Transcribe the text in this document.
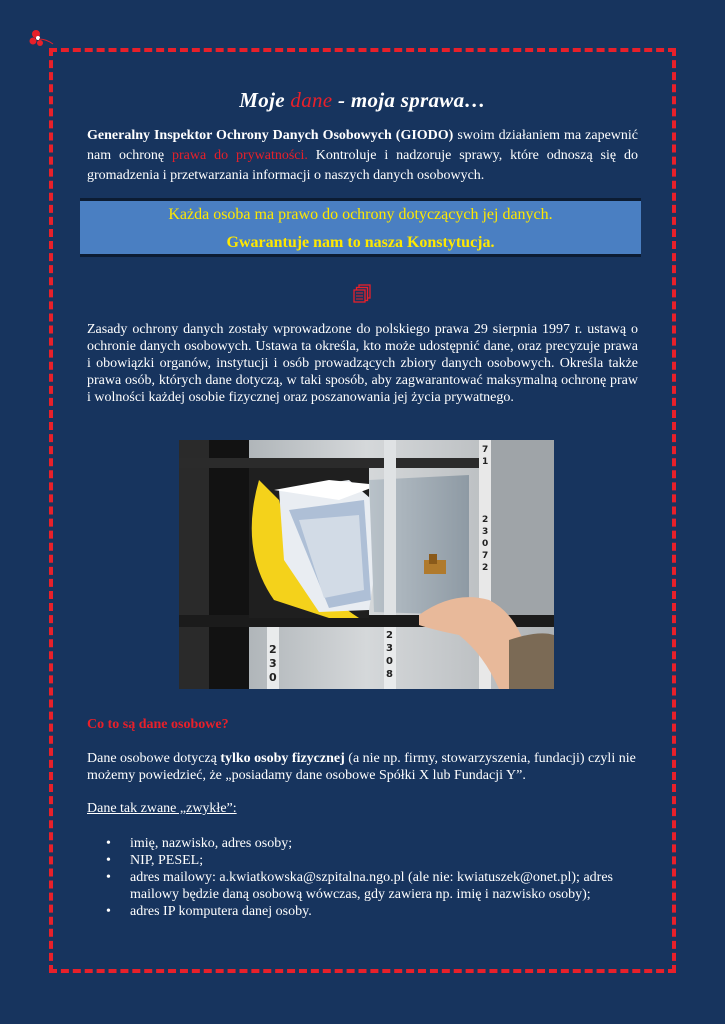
Moje dane - moja sprawa…
Generalny Inspektor Ochrony Danych Osobowych (GIODO) swoim działaniem ma zapewnić nam ochronę prawa do prywatności. Kontroluje i nadzoruje sprawy, które odnoszą się do gromadzenia i przetwarzania informacji o naszych danych osobowych.
Każda osoba ma prawo do ochrony dotyczących jej danych.
Gwarantuje nam to nasza Konstytucja.
Zasady ochrony danych zostały wprowadzone do polskiego prawa 29 sierpnia 1997 r. ustawą o ochronie danych osobowych. Ustawa ta określa, kto może udostępnić dane, oraz precyzuje prawa i obowiązki organów, instytucji i osób prowadzących zbiory danych osobowych. Określa także prawa osób, których dane dotyczą, w taki sposób, aby zagwarantować maksymalną ochronę praw i wolności każdej osobie fizycznej oraz poszanowania jej życia prywatnego.
7
1
2
3
0
7
2
2
3
0
8
2
3
0
Co to są dane osobowe?
Dane osobowe dotyczą tylko osoby fizycznej (a nie np. firmy, stowarzyszenia, fundacji) czyli nie możemy powiedzieć, że „posiadamy dane osobowe Spółki X lub Fundacji Y”.
Dane tak zwane „zwykłe”:
• imię, nazwisko, adres osoby;
• NIP, PESEL;
• adres mailowy: a.kwiatkowska@szpitalna.ngo.pl (ale nie: kwiatuszek@onet.pl); adres mailowy będzie daną osobową wówczas, gdy zawiera np. imię i nazwisko osoby);
• adres IP komputera danej osoby.
